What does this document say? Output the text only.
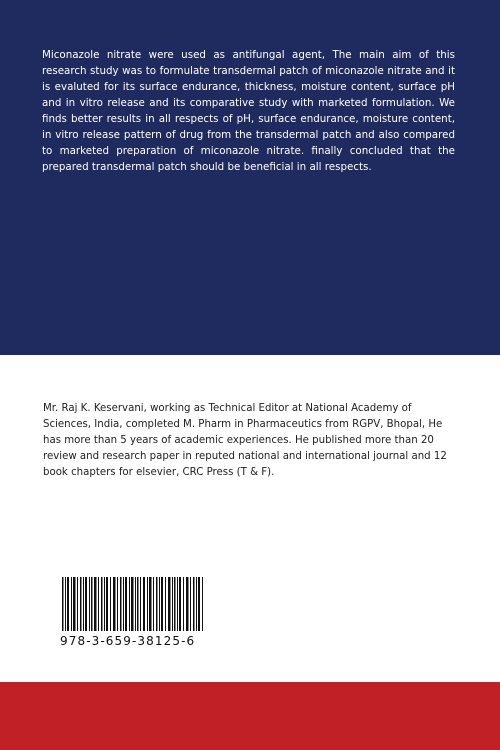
Miconazole nitrate were used as antifungal agent, The main aim of this research study was to formulate transdermal patch of miconazole nitrate and it is evaluted for its surface endurance, thickness, moisture content, surface pH and in vitro release and its comparative study with marketed formulation. We finds better results in all respects of pH, surface endurance, moisture content, in vitro release pattern of drug from the transdermal patch and also compared to marketed preparation of miconazole nitrate. finally concluded that the prepared transdermal patch should be beneficial in all respects.

Mr. Raj K. Keservani, working as Technical Editor at National Academy of Sciences, India, completed M. Pharm in Pharmaceutics from RGPV, Bhopal, He has more than 5 years of academic experiences. He published more than 20 review and research paper in reputed national and international journal and 12 book chapters for elsevier, CRC Press (T & F).

978-3-659-38125-6
